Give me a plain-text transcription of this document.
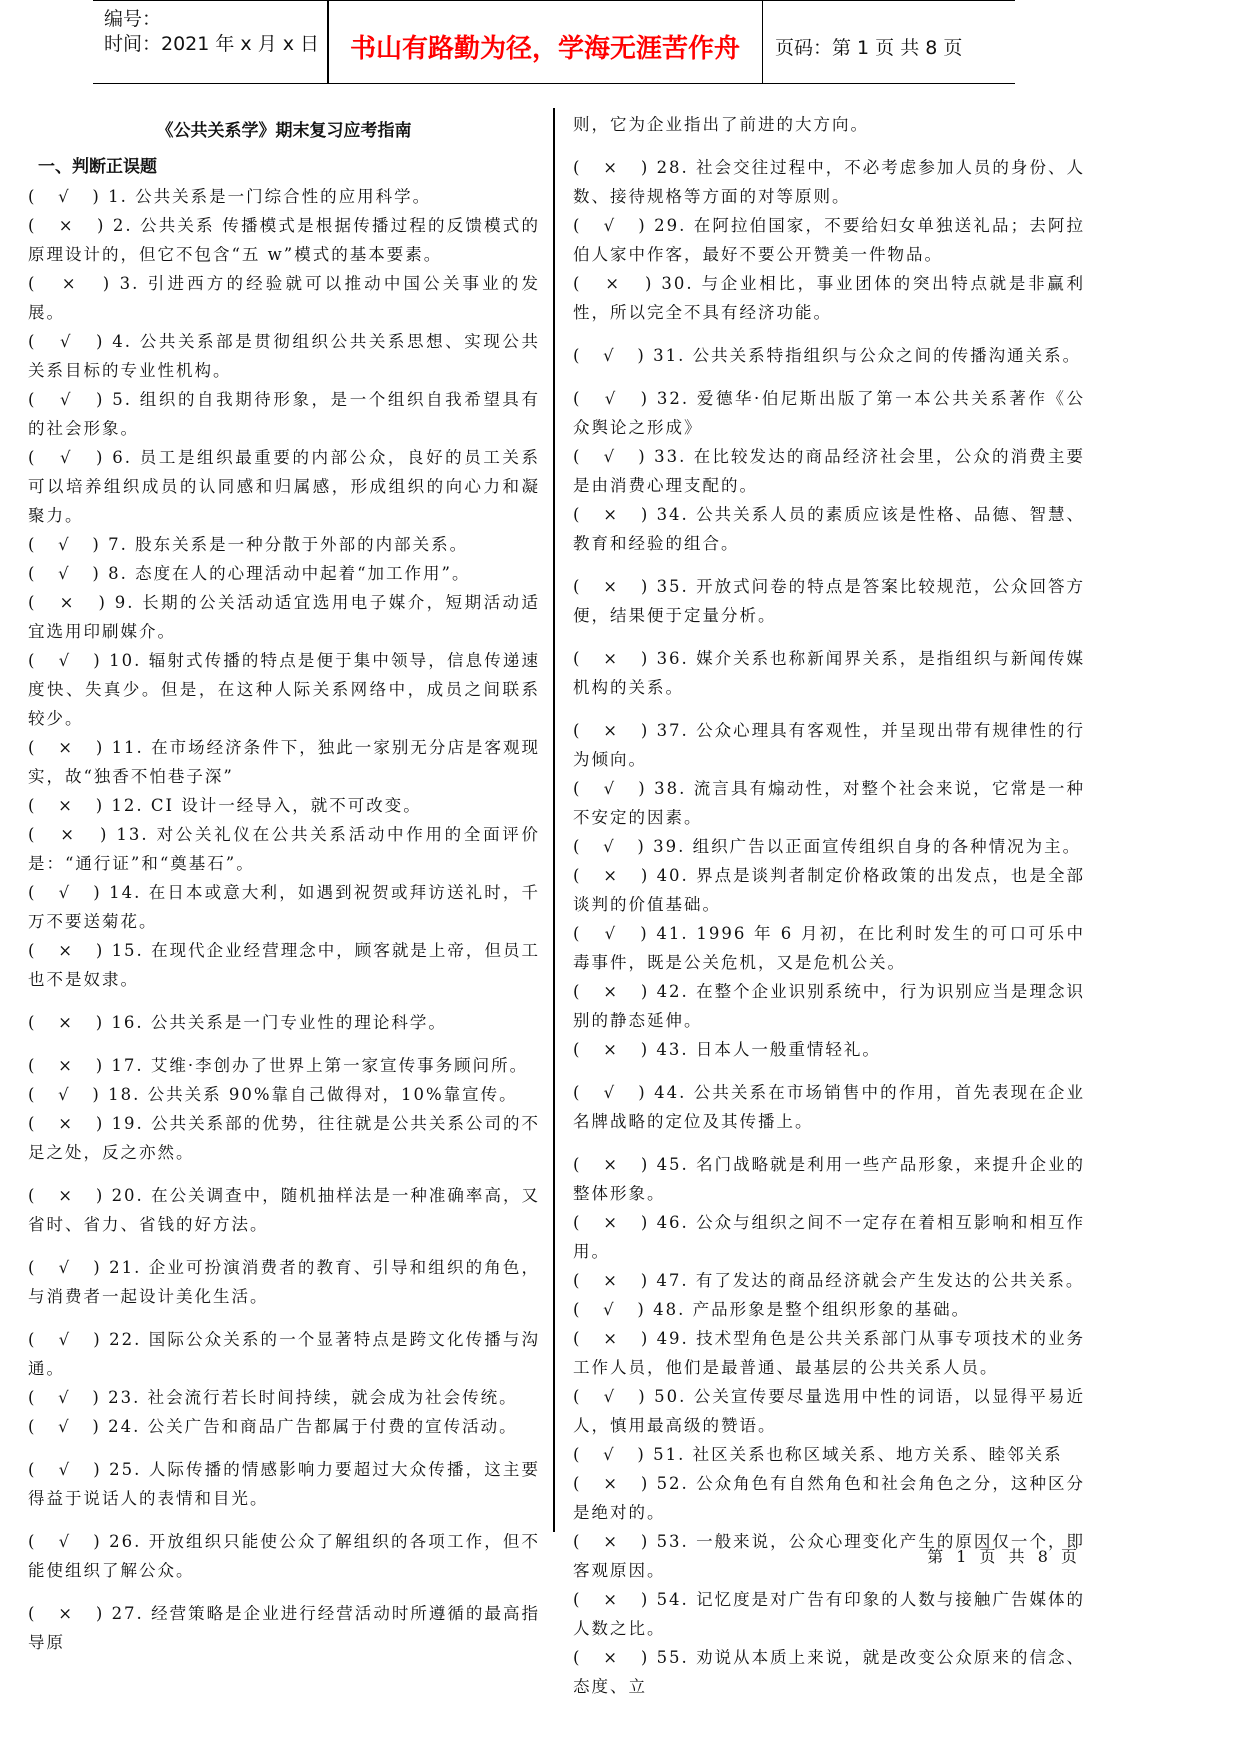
编号：
时间：2021 年 x 月 x 日	书山有路勤为径，学海无涯苦作舟	页码：第 1 页 共 8 页
《公共关系学》期末复习应考指南
一、判断正误题
(   √   ) 1. 公共关系是一门综合性的应用科学。
(   ×   ) 2. 公共关系 传播模式是根据传播过程的反馈模式的原理设计的，但它不包含“五 w”模式的基本要素。
(   ×   )	3. 引进西方的经验就可以推动中国公关事业的发展。
(   √   ) 4. 公共关系部是贯彻组织公共关系思想、实现公共关系目标的专业性机构。
(   √   ) 5. 组织的自我期待形象，是一个组织自我希望具有的社会形象。
(   √   ) 6. 员工是组织最重要的内部公众，良好的员工关系可以培养组织成员的认同感和归属感，形成组织的向心力和凝聚力。
(   √   ) 7. 股东关系是一种分散于外部的内部关系。
(   √   ) 8. 态度在人的心理活动中起着“加工作用”。
(   ×   ) 9. 长期的公关活动适宜选用电子媒介，短期活动适宜选用印刷媒介。
(   √   ) 10. 辐射式传播的特点是便于集中领导，信息传递速度快、失真少。但是，在这种人际关系网络中，成员之间联系较少。
(   ×   ) 11. 在市场经济条件下，独此一家别无分店是客观现实，故“独香不怕巷子深”
(   ×   ) 12. CI 设计一经导入，就不可改变。
(   ×   ) 13. 对公关礼仪在公共关系活动中作用的全面评价是：“通行证”和“奠基石”。
(   √   ) 14. 在日本或意大利，如遇到祝贺或拜访送礼时，千万不要送菊花。
(   ×   ) 15. 在现代企业经营理念中，顾客就是上帝，但员工也不是奴隶。
(   ×   ) 16. 公共关系是一门专业性的理论科学。
(   ×   ) 17. 艾维·李创办了世界上第一家宣传事务顾问所。
(   √   ) 18. 公共关系 90%靠自己做得对，10%靠宣传。
(   ×   ) 19. 公共关系部的优势，往往就是公共关系公司的不足之处，反之亦然。
(   ×   ) 20. 在公关调查中，随机抽样法是一种准确率高，又省时、省力、省钱的好方法。
(   √   ) 21. 企业可扮演消费者的教育、引导和组织的角色，与消费者一起设计美化生活。
(   √   ) 22. 国际公众关系的一个显著特点是跨文化传播与沟通。
(   √   ) 23. 社会流行若长时间持续，就会成为社会传统。
(   √   ) 24. 公关广告和商品广告都属于付费的宣传活动。
(   √   ) 25. 人际传播的情感影响力要超过大众传播，这主要得益于说话人的表情和目光。
(   √   ) 26. 开放组织只能使公众了解组织的各项工作，但不能使组织了解公众。
(   ×   ) 27. 经营策略是企业进行经营活动时所遵循的最高指导原
则，它为企业指出了前进的大方向。
(   ×   ) 28. 社会交往过程中，不必考虑参加人员的身份、人数、接待规格等方面的对等原则。
(   √   ) 29. 在阿拉伯国家，不要给妇女单独送礼品；去阿拉伯人家中作客，最好不要公开赞美一件物品。
(   ×   ) 30. 与企业相比，事业团体的突出特点就是非赢利性，所以完全不具有经济功能。
(   √   ) 31. 公共关系特指组织与公众之间的传播沟通关系。
(   √   ) 32. 爱德华·伯尼斯出版了第一本公共关系著作《公众舆论之形成》
(   √   ) 33. 在比较发达的商品经济社会里，公众的消费主要是由消费心理支配的。
(   ×   ) 34. 公共关系人员的素质应该是性格、品德、智慧、教育和经验的组合。
(   ×   ) 35. 开放式问卷的特点是答案比较规范，公众回答方便，结果便于定量分析。
(   ×   ) 36. 媒介关系也称新闻界关系，是指组织与新闻传媒机构的关系。
(   ×   ) 37. 公众心理具有客观性，并呈现出带有规律性的行为倾向。
(   √   ) 38. 流言具有煽动性，对整个社会来说，它常是一种不安定的因素。
(   √   ) 39. 组织广告以正面宣传组织自身的各种情况为主。
(   ×   ) 40. 界点是谈判者制定价格政策的出发点，也是全部谈判的价值基础。
(   √   ) 41. 1996 年 6 月初，在比利时发生的可口可乐中毒事件，既是公关危机，又是危机公关。
(   ×   ) 42. 在整个企业识别系统中，行为识别应当是理念识别的静态延伸。
(   ×   ) 43. 日本人一般重情轻礼。
(   √   ) 44. 公共关系在市场销售中的作用，首先表现在企业名牌战略的定位及其传播上。
(   ×   ) 45. 名门战略就是利用一些产品形象，来提升企业的整体形象。
(   ×   ) 46. 公众与组织之间不一定存在着相互影响和相互作用。
(   ×   ) 47. 有了发达的商品经济就会产生发达的公共关系。
(   √   ) 48. 产品形象是整个组织形象的基础。
(   ×   ) 49. 技术型角色是公共关系部门从事专项技术的业务工作人员，他们是最普通、最基层的公共关系人员。
(   √   ) 50. 公关宣传要尽量选用中性的词语，以显得平易近人，慎用最高级的赞语。
(   √   ) 51. 社区关系也称区域关系、地方关系、睦邻关系
(   ×   ) 52. 公众角色有自然角色和社会角色之分，这种区分是绝对的。
(   ×   ) 53. 一般来说，公众心理变化产生的原因仅一个，即客观原因。
(   ×   ) 54. 记忆度是对广告有印象的人数与接触广告媒体的人数之比。
(   ×   ) 55. 劝说从本质上来说，就是改变公众原来的信念、态度、立
第 1 页 共 8 页
